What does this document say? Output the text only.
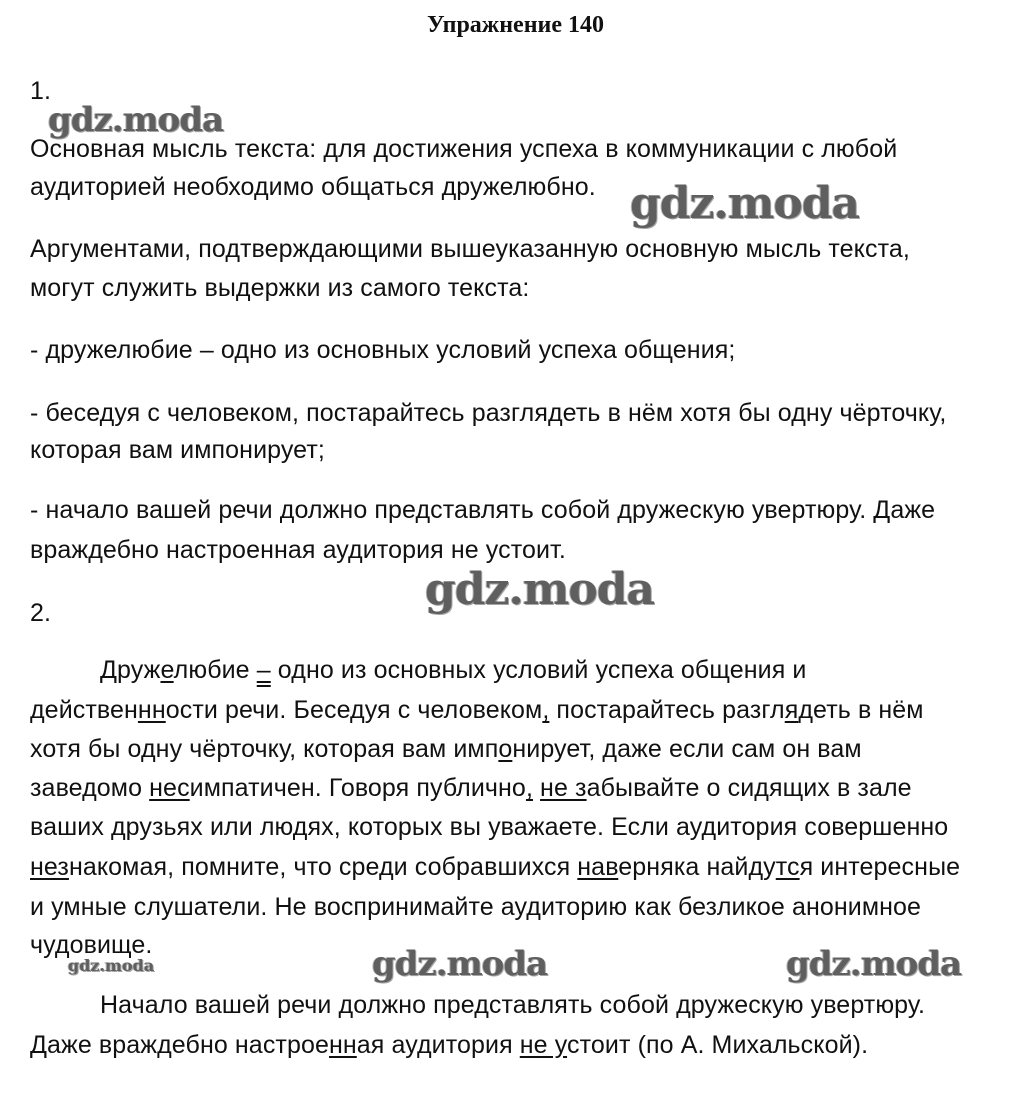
Упражнение 140
1.
Основная мысль текста: для достижения успеха в коммуникации с любой
аудиторией необходимо общаться дружелюбно.
Аргументами, подтверждающими вышеуказанную основную мысль текста,
могут служить выдержки из самого текста:
- дружелюбие – одно из основных условий успеха общения;
- беседуя с человеком, постарайтесь разглядеть в нём хотя бы одну чёрточку,
которая вам импонирует;
- начало вашей речи должно представлять собой дружескую увертюру. Даже
враждебно настроенная аудитория не устоит.
2.
Дружелюбие – одно из основных условий успеха общения и
действеннности речи. Беседуя с человеком, постарайтесь разглядеть в нём
хотя бы одну чёрточку, которая вам импонирует, даже если сам он вам
заведомо несимпатичен. Говоря публично, не забывайте о сидящих в зале
ваших друзьях или людях, которых вы уважаете. Если аудитория совершенно
незнакомая, помните, что среди собравшихся наверняка найдутся интересные
и умные слушатели. Не воспринимайте аудиторию как безликое анонимное
чудовище.
Начало вашей речи должно представлять собой дружескую увертюру.
Даже враждебно настроенная аудитория не устоит (по А. Михальской).
gdz.moda
gdz.moda
gdz.moda
gdz.moda	gdz.moda	gdz.moda
